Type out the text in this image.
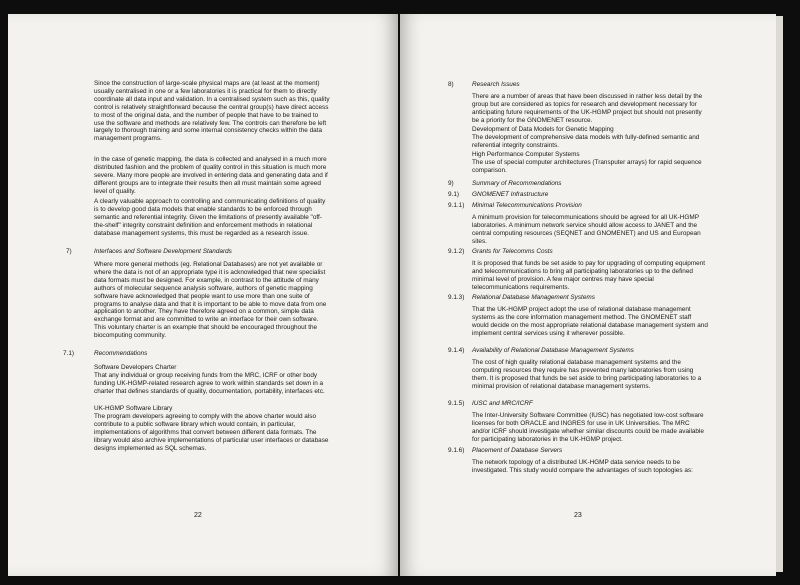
Since the construction of large-scale physical maps are (at least at the moment) usually centralised in one or a few laboratories it is practical for them to directly coordinate all data input and validation. In a centralised system such as this, quality control is relatively straightforward because the central group(s) have direct access to most of the original data, and the number of people that have to be trained to use the software and methods are relatively few. The controls can therefore be left largely to thorough training and some internal consistency checks within the data management programs.
In the case of genetic mapping, the data is collected and analysed in a much more distributed fashion and the problem of quality control in this situation is much more severe. Many more people are involved in entering data and generating data and if different groups are to integrate their results then all must maintain some agreed level of quality.
A clearly valuable approach to controlling and communicating definitions of quality is to develop good data models that enable standards to be enforced through semantic and referential integrity. Given the limitations of presently available "off-the-shelf" integrity constraint definition and enforcement methods in relational database management systems, this must be regarded as a research issue.
7)	Interfaces and Software Development Standards
Where more general methods (eg. Relational Databases) are not yet available or where the data is not of an appropriate type it is acknowledged that new specialist data formats must be designed. For example, in contrast to the attitude of many authors of molecular sequence analysis software, authors of genetic mapping software have acknowledged that people want to use more than one suite of programs to analyse data and that it is important to be able to move data from one application to another. They have therefore agreed on a common, simple data exchange format and are committed to write an interface for their own software. This voluntary charter is an example that should be encouraged throughout the biocomputing community.
7.1)	Recommendations
Software Developers Charter
That any individual or group receiving funds from the MRC, ICRF or other body funding UK-HGMP-related research agree to work within standards set down in a charter that defines standards of quality, documentation, portability, interfaces etc.
UK-HGMP Software Library
The program developers agreeing to comply with the above charter would also contribute to a public software library which would contain, in particular, implementations of algorithms that convert between different data formats. The library would also archive implementations of particular user interfaces or database designs implemented as SQL schemas.
22
8)	Research Issues
There are a number of areas that have been discussed in rather less detail by the group but are considered as topics for research and development necessary for anticipating future requirements of the UK-HGMP project but should not presently be a priority for the GNOMENET resource.
Development of Data Models for Genetic Mapping
The development of comprehensive data models with fully-defined semantic and referential integrity constraints.
High Performance Computer Systems
The use of special computer architectures (Transputer arrays) for rapid sequence comparison.
9)	Summary of Recommendations
9.1) GNOMENET Infrastructure
9.1.1) Minimal Telecommunications Provision
A minimum provision for telecommunications should be agreed for all UK-HGMP laboratories. A minimum network service should allow access to JANET and the central computing resources (SEQNET and GNOMENET) and US and European sites.
9.1.2) Grants for Telecomms Costs
It is proposed that funds be set aside to pay for upgrading of computing equipment and telecommunications to bring all participating laboratories up to the defined minimal level of provision. A few major centres may have special telecommunications requirements.
9.1.3) Relational Database Management Systems
That the UK-HGMP project adopt the use of relational database management systems as the core information management method. The GNOMENET staff would decide on the most appropriate relational database management system and implement central services using it wherever possible.
9.1.4) Availability of Relational Database Management Systems
The cost of high quality relational database management systems and the computing resources they require has prevented many laboratories from using them. It is proposed that funds be set aside to bring participating laboratories to a minimal provision of relational database management systems.
9.1.5) IUSC and MRC/ICRF
The Inter-University Software Committee (IUSC) has negotiated low-cost software licenses for both ORACLE and INGRES for use in UK Universities. The MRC and/or ICRF should investigate whether similar discounts could be made available for participating laboratories in the UK-HGMP project.
9.1.6) Placement of Database Servers
The network topology of a distributed UK-HGMP data service needs to be investigated. This study would compare the advantages of such topologies as:
23
